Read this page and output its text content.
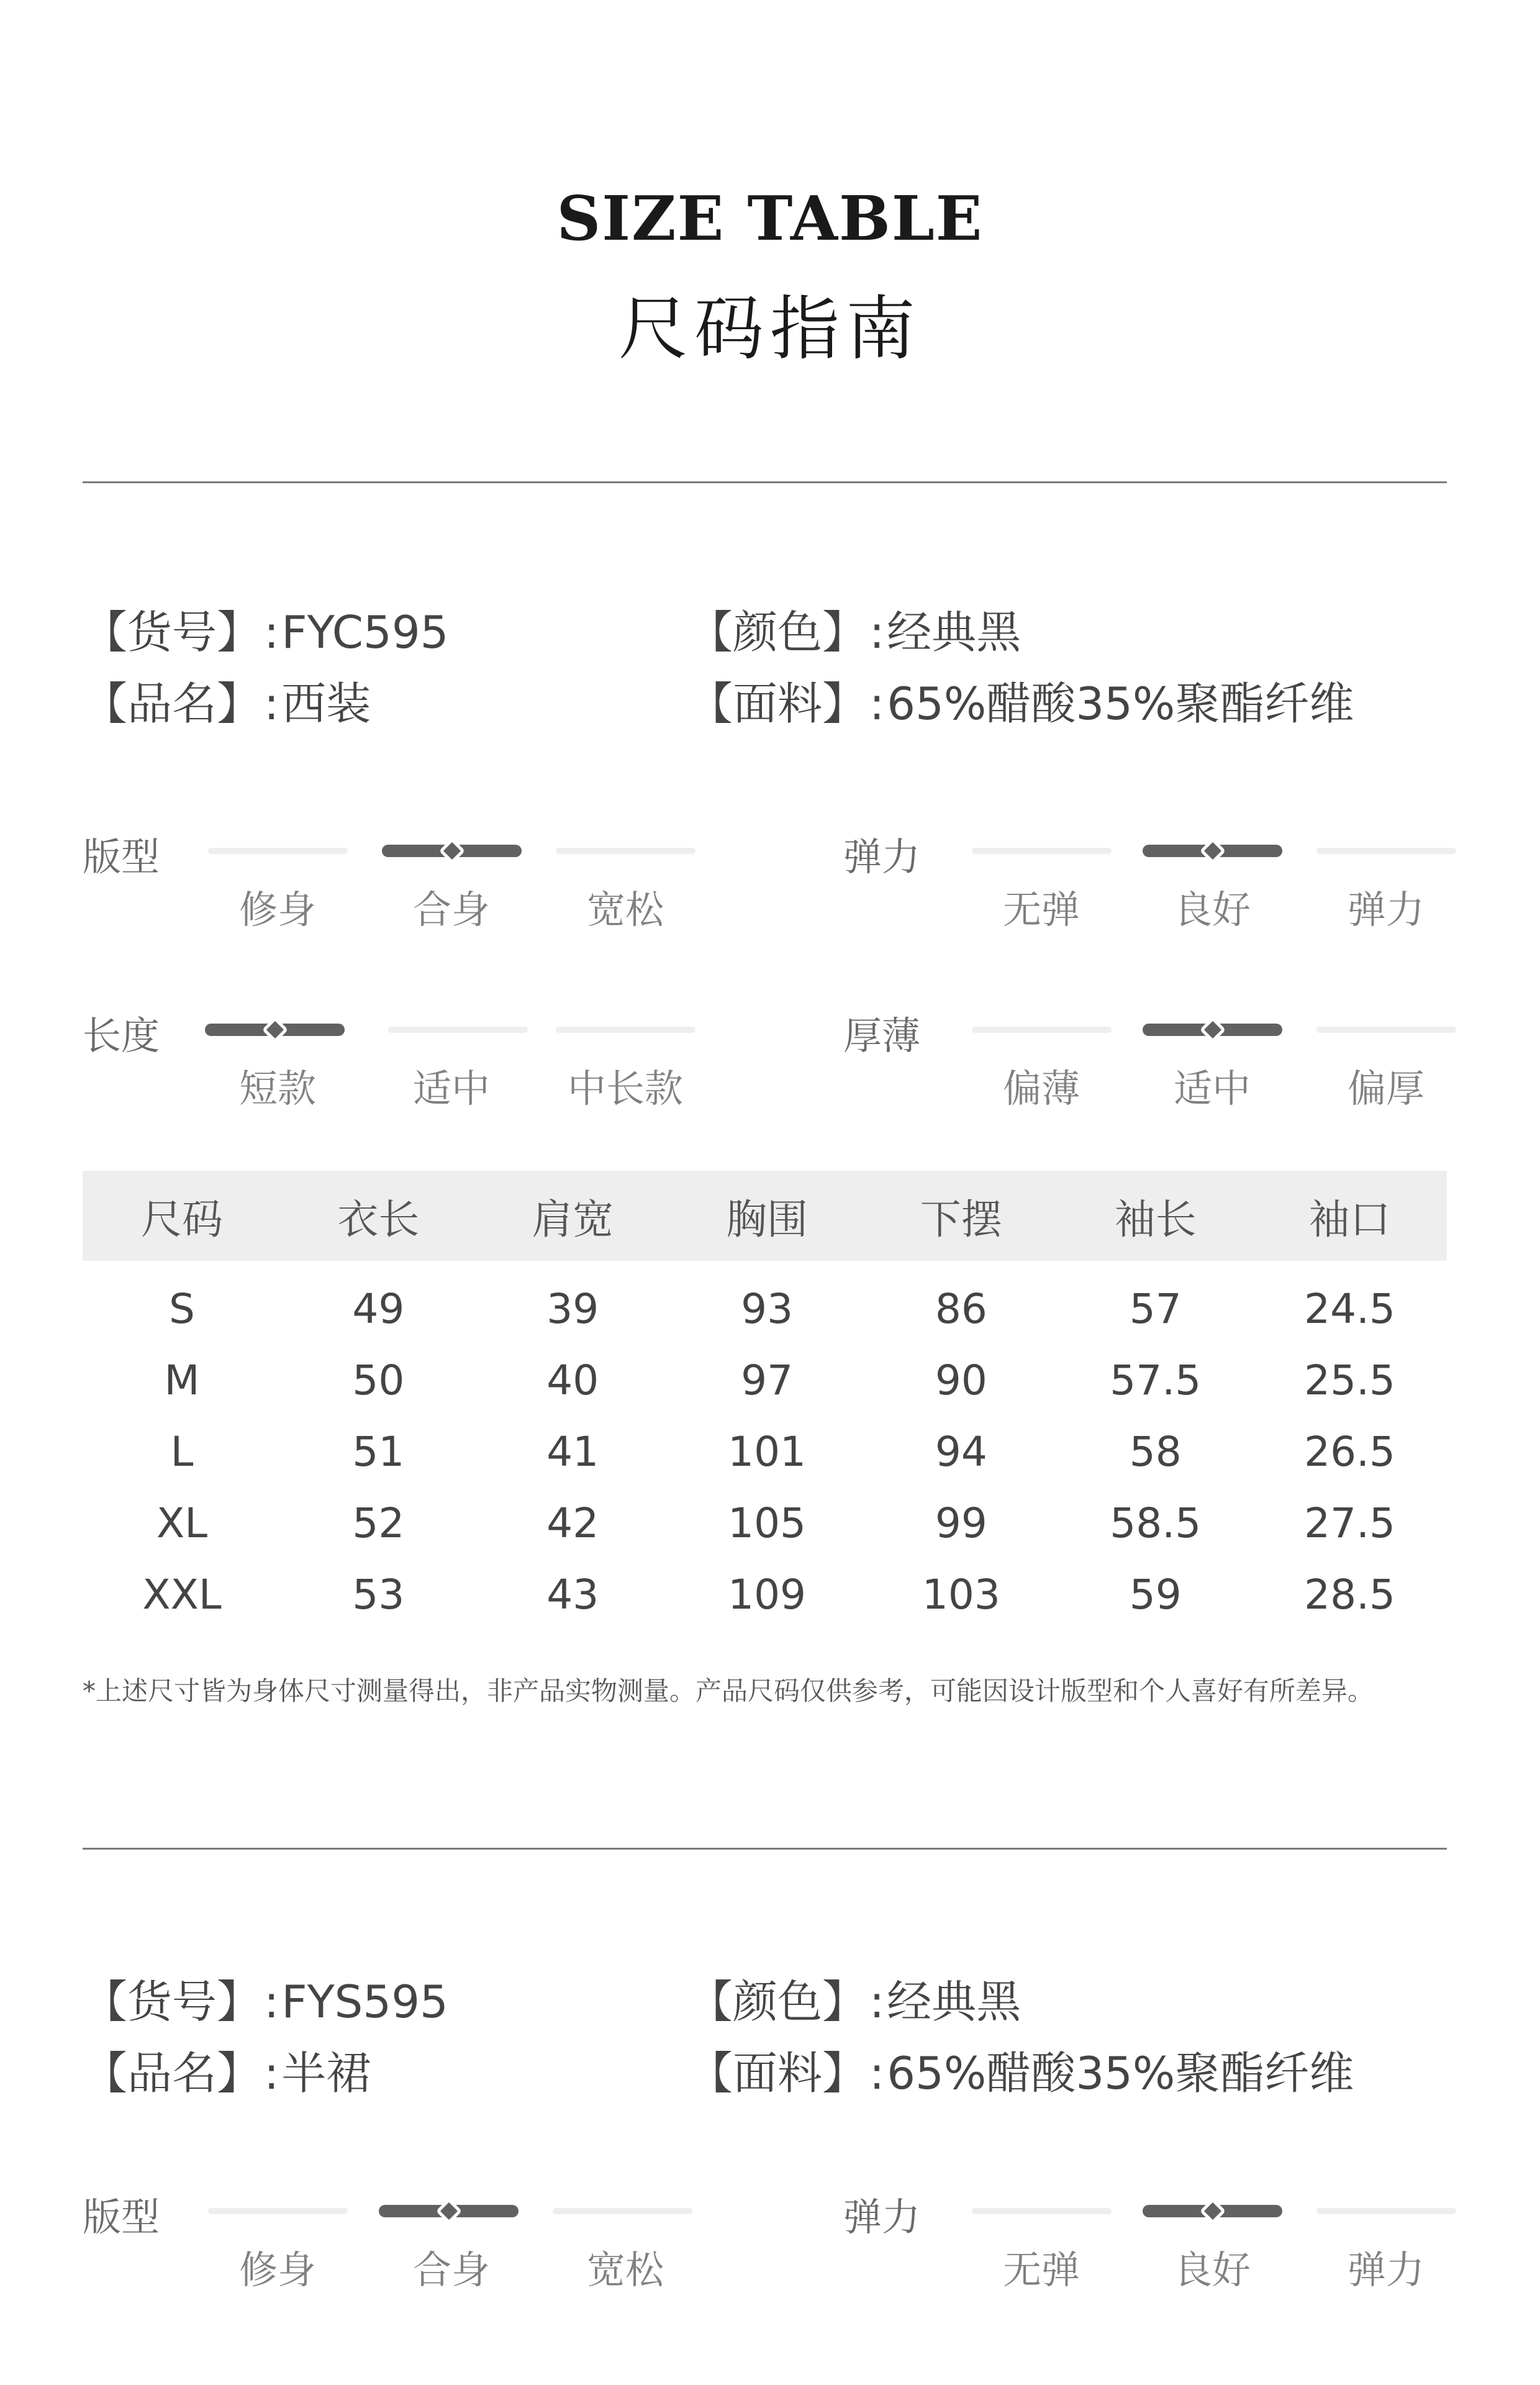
SIZE TABLE
尺码指南
【货号】:FYC595
【品名】:西装
【颜色】:经典黑
【面料】:65%醋酸35%聚酯纤维
版型
修身	合身	宽松
弹力
无弹	良好	弹力
长度
短款	适中	中长款
厚薄
偏薄	适中	偏厚
尺码	衣长	肩宽	胸围	下摆	袖长	袖口
S	49	39	93	86	57	24.5
M	50	40	97	90	57.5	25.5
L	51	41	101	94	58	26.5
XL	52	42	105	99	58.5	27.5
XXL	53	43	109	103	59	28.5
*上述尺寸皆为身体尺寸测量得出，非产品实物测量。产品尺码仅供参考，可能因设计版型和个人喜好有所差异。
【货号】:FYS595
【品名】:半裙
【颜色】:经典黑
【面料】:65%醋酸35%聚酯纤维
版型
修身	合身	宽松
弹力
无弹	良好	弹力
